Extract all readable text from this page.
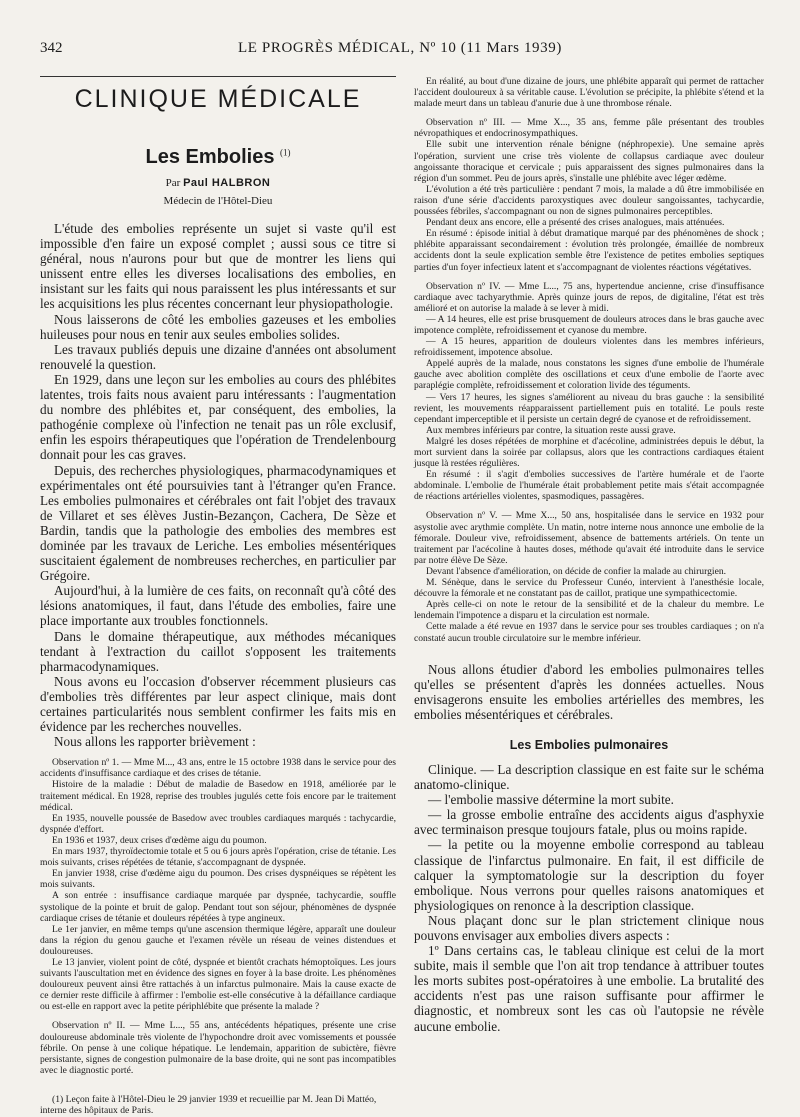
342	LE PROGRÈS MÉDICAL, Nº 10 (11 Mars 1939)
CLINIQUE MÉDICALE
Les Embolies $^{(1)}$
Par Paul HALBRON
Médecin de l'Hôtel-Dieu

L'étude des embolies représente un sujet si vaste qu'il est impossible d'en faire un exposé complet ; aussi sous ce titre si général, nous n'aurons pour but que de montrer les liens qui unissent entre elles les diverses localisations des embolies, en insistant sur les faits qui nous paraissent les plus intéressants et sur les acquisitions les plus récentes concernant leur physiopathologie.

Nous laisserons de côté les embolies gazeuses et les embolies huileuses pour nous en tenir aux seules embolies solides.

Les travaux publiés depuis une dizaine d'années ont absolument renouvelé la question.

En 1929, dans une leçon sur les embolies au cours des phlébites latentes, trois faits nous avaient paru intéressants : l'augmentation du nombre des phlébites et, par conséquent, des embolies, la pathogénie complexe où l'infection ne tenait pas un rôle exclusif, enfin les espoirs thérapeutiques que l'opération de Trendelenbourg donnait pour les cas graves.

Depuis, des recherches physiologiques, pharmacodynamiques et expérimentales ont été poursuivies tant à l'étranger qu'en France. Les embolies pulmonaires et cérébrales ont fait l'objet des travaux de Villaret et ses élèves Justin-Bezançon, Cachera, De Sèze et Bardin, tandis que la pathologie des embolies des membres est dominée par les travaux de Leriche. Les embolies mésentériques suscitaient également de nombreuses recherches, en particulier par Grégoire.

Aujourd'hui, à la lumière de ces faits, on reconnaît qu'à côté des lésions anatomiques, il faut, dans l'étude des embolies, faire une place importante aux troubles fonctionnels.

Dans le domaine thérapeutique, aux méthodes mécaniques tendant à l'extraction du caillot s'opposent les traitements pharmacodynamiques.

Nous avons eu l'occasion d'observer récemment plusieurs cas d'embolies très différentes par leur aspect clinique, mais dont certaines particularités nous semblent confirmer les faits mis en évidence par les recherches nouvelles.

Nous allons les rapporter brièvement :

Observation nº 1. — Mme M..., 43 ans, entre le 15 octobre 1938 dans le service pour des accidents d'insuffisance cardiaque et des crises de tétanie.

Histoire de la maladie : Début de maladie de Basedow en 1918, améliorée par le traitement médical. En 1928, reprise des troubles jugulés cette fois encore par le traitement médical.

En 1935, nouvelle poussée de Basedow avec troubles cardiaques marqués : tachycardie, dyspnée d'effort.

En 1936 et 1937, deux crises d'œdème aigu du poumon.

En mars 1937, thyroïdectomie totale et 5 ou 6 jours après l'opération, crise de tétanie. Les mois suivants, crises répétées de tétanie, s'accompagnant de dyspnée.

En janvier 1938, crise d'œdème aigu du poumon. Des crises dyspnéiques se répètent les mois suivants.

A son entrée : insuffisance cardiaque marquée par dyspnée, tachycardie, souffle systolique de la pointe et bruit de galop. Pendant tout son séjour, phénomènes de dyspnée cardiaque crises de tétanie et douleurs répétées à type angineux.

Le 1er janvier, en même temps qu'une ascension thermique légère, apparaît une douleur dans la région du genou gauche et l'examen révèle un réseau de veines distendues et douloureuses.

Le 13 janvier, violent point de côté, dyspnée et bientôt crachats hémoptoïques. Les jours suivants l'auscultation met en évidence des signes en foyer à la base droite. Les phénomènes douloureux peuvent ainsi être rattachés à un infarctus pulmonaire. Mais la cause exacte de ce dernier reste difficile à affirmer : l'embolie est-elle consécutive à la défaillance cardiaque ou est-elle en rapport avec la petite périphlébite que présente la malade ?

Observation nº II. — Mme L..., 55 ans, antécédents hépatiques, présente une crise douloureuse abdominale très violente de l'hypochondre droit avec vomissements et poussée fébrile. On pense à une colique hépatique. Le lendemain, apparition de subictère, fièvre persistante, signes de congestion pulmonaire de la base droite, qui ne sont pas incompatibles avec le diagnostic porté.

(1) Leçon faite à l'Hôtel-Dieu le 29 janvier 1939 et recueillie par M. Jean Di Mattéo, interne des hôpitaux de Paris.

En réalité, au bout d'une dizaine de jours, une phlébite apparaît qui permet de rattacher l'accident douloureux à sa véritable cause. L'évolution se précipite, la phlébite s'étend et la malade meurt dans un tableau d'anurie due à une thrombose rénale.

Observation nº III. — Mme X..., 35 ans, femme pâle présentant des troubles névropathiques et endocrinosympathiques.

Elle subit une intervention rénale bénigne (néphropexie). Une semaine après l'opération, survient une crise très violente de collapsus cardiaque avec douleur angoissante thoracique et cervicale ; puis apparaissent des signes pulmonaires dans la région d'un sommet. Peu de jours après, s'installe une phlébite avec léger œdème.

L'évolution a été très particulière : pendant 7 mois, la malade a dû être immobilisée en raison d'une série d'accidents paroxystiques avec douleur sangoissantes, tachycardie, poussées fébriles, s'accompagnant ou non de signes pulmonaires perceptibles.

Pendant deux ans encore, elle a présenté des crises analogues, mais atténuées.

En résumé : épisode initial à début dramatique marqué par des phénomènes de shock ; phlébite apparaissant secondairement : évolution très prolongée, émaillée de nombreux accidents dont la seule explication semble être l'existence de petites embolies septiques parties d'un foyer infectieux latent et s'accompagnant de violentes réactions végétatives.

Observation nº IV. — Mme L..., 75 ans, hypertendue ancienne, crise d'insuffisance cardiaque avec tachyarythmie. Après quinze jours de repos, de digitaline, l'état est très amélioré et on autorise la malade à se lever à midi.

— A 14 heures, elle est prise brusquement de douleurs atroces dans le bras gauche avec impotence complète, refroidissement et cyanose du membre.

— A 15 heures, apparition de douleurs violentes dans les membres inférieurs, refroidissement, impotence absolue.

Appelé auprès de la malade, nous constatons les signes d'une embolie de l'humérale gauche avec abolition complète des oscillations et ceux d'une embolie de l'aorte avec paraplégie complète, refroidissement et coloration livide des téguments.

— Vers 17 heures, les signes s'améliorent au niveau du bras gauche : la sensibilité revient, les mouvements réapparaissent partiellement puis en totalité. Le pouls reste cependant imperceptible et il persiste un certain degré de cyanose et de refroidissement.

Aux membres inférieurs par contre, la situation reste aussi grave.

Malgré les doses répétées de morphine et d'acécoline, administrées depuis le début, la mort survient dans la soirée par collapsus, alors que les contractions cardiaques étaient jusque là restées régulières.

En résumé : il s'agit d'embolies successives de l'artère humérale et de l'aorte abdominale. L'embolie de l'humérale était probablement petite mais s'était accompagnée de réactions artérielles violentes, spasmodiques, passagères.

Observation nº V. — Mme X..., 50 ans, hospitalisée dans le service en 1932 pour asystolie avec arythmie complète. Un matin, notre interne nous annonce une embolie de la fémorale. Douleur vive, refroidissement, absence de battements artériels. On tente un traitement par l'acécoline à hautes doses, méthode qu'avait été introduite dans le service par notre élève De Sèze.

Devant l'absence d'amélioration, on décide de confier la malade au chirurgien.

M. Sénèque, dans le service du Professeur Cunéo, intervient à l'anesthésie locale, découvre la fémorale et ne constatant pas de caillot, pratique une sympathicectomie.

Après celle-ci on note le retour de la sensibilité et de la chaleur du membre. Le lendemain l'impotence a disparu et la circulation est normale.

Cette malade a été revue en 1937 dans le service pour ses troubles cardiaques ; on n'a constaté aucun trouble circulatoire sur le membre inférieur.

Nous allons étudier d'abord les embolies pulmonaires telles qu'elles se présentent d'après les données actuelles. Nous envisagerons ensuite les embolies artérielles des membres, les embolies mésentériques et cérébrales.

Les Embolies pulmonaires

Clinique. — La description classique en est faite sur le schéma anatomo-clinique.

— l'embolie massive détermine la mort subite.

— la grosse embolie entraîne des accidents aigus d'asphyxie avec terminaison presque toujours fatale, plus ou moins rapide.

— la petite ou la moyenne embolie correspond au tableau classique de l'infarctus pulmonaire. En fait, il est difficile de calquer la symptomatologie sur la description du foyer embolique. Nous verrons pour quelles raisons anatomiques et physiologiques on renonce à la description classique.

Nous plaçant donc sur le plan strictement clinique nous pouvons envisager aux embolies divers aspects :

1º Dans certains cas, le tableau clinique est celui de la mort subite, mais il semble que l'on ait trop tendance à attribuer toutes les morts subites post-opératoires à une embolie. La brutalité des accidents n'est pas une raison suffisante pour affirmer le diagnostic, et nombreux sont les cas où l'autopsie ne révèle aucune embolie.
